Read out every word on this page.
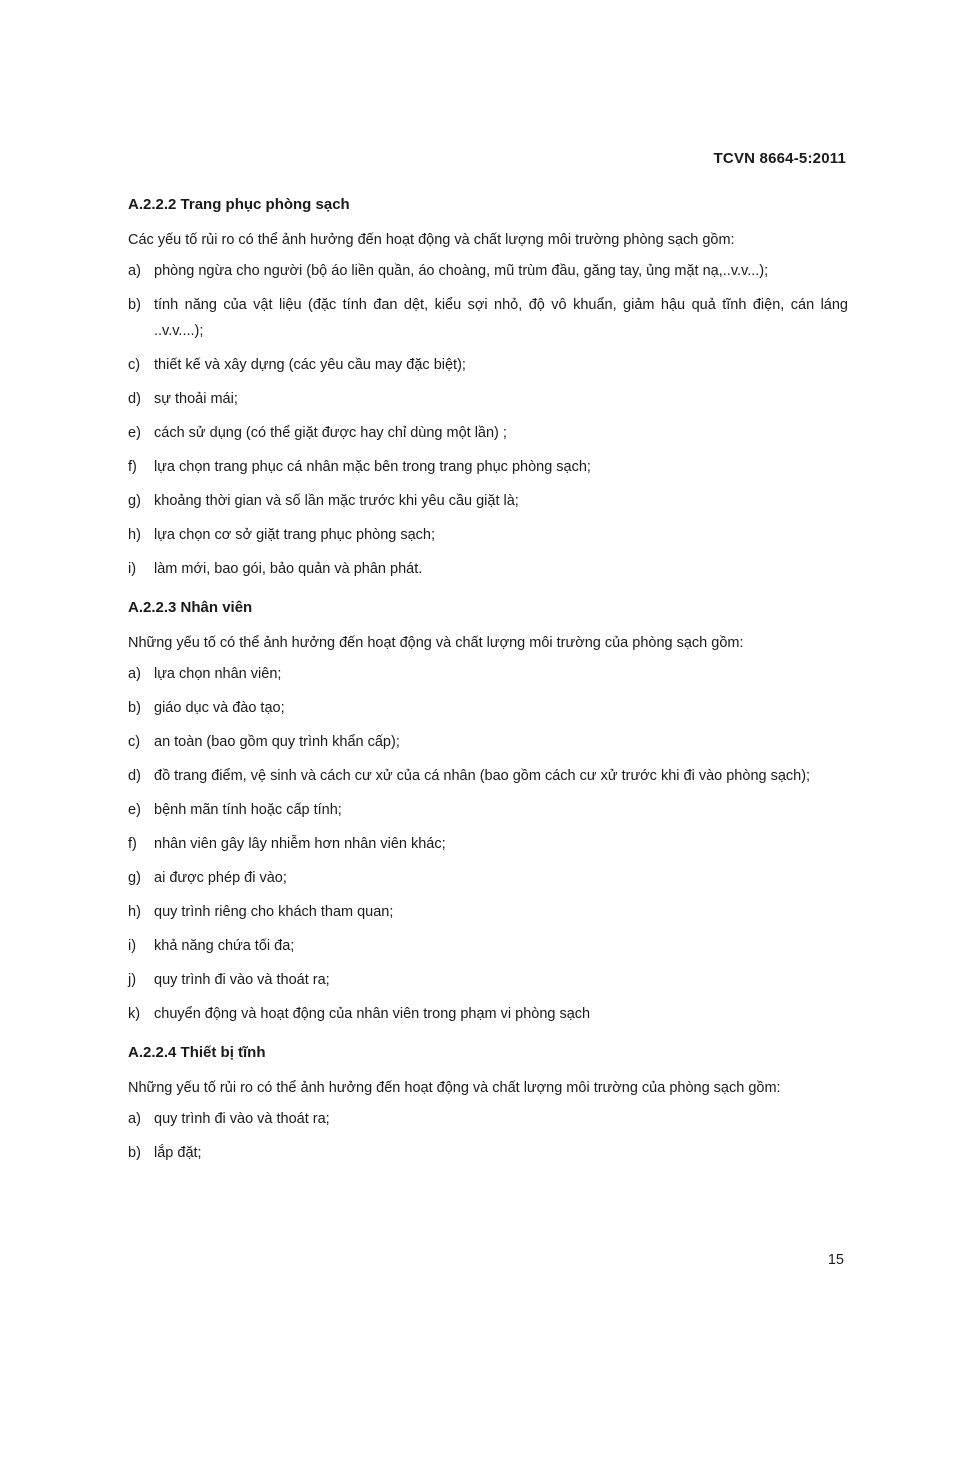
TCVN 8664-5:2011
A.2.2.2 Trang phục phòng sạch

Các yếu tố rủi ro có thể ảnh hưởng đến hoạt động và chất lượng môi trường phòng sạch gồm:

a) phòng ngừa cho người (bộ áo liền quần, áo choàng, mũ trùm đầu, găng tay, ủng mặt nạ,..v.v...);
b) tính năng của vật liệu (đặc tính đan dệt, kiểu sợi nhỏ, độ vô khuẩn, giảm hậu quả tĩnh điện, cán láng ..v.v....);
c) thiết kế và xây dựng (các yêu cầu may đặc biệt);
d) sự thoải mái;
e) cách sử dụng (có thể giặt được hay chỉ dùng một lần) ;
f)	lựa chọn trang phục cá nhân mặc bên trong trang phục phòng sạch;
g) khoảng thời gian và số lần mặc trước khi yêu cầu giặt là;
h) lựa chọn cơ sở giặt trang phục phòng sạch;
i)	làm mới, bao gói, bảo quản và phân phát.
A.2.2.3 Nhân viên

Những yếu tố có thể ảnh hưởng đến hoạt động và chất lượng môi trường của phòng sạch gồm:

a) lựa chọn nhân viên;
b) giáo dục và đào tạo;
c) an toàn (bao gồm quy trình khẩn cấp);
d) đồ trang điểm, vệ sinh và cách cư xử của cá nhân (bao gồm cách cư xử trước khi đi vào phòng sạch);
e) bệnh mãn tính hoặc cấp tính;
f)	nhân viên gây lây nhiễm hơn nhân viên khác;
g) ai được phép đi vào;
h) quy trình riêng cho khách tham quan;
i)	khả năng chứa tối đa;
j)	quy trình đi vào và thoát ra;
k) chuyển động và hoạt động của nhân viên trong phạm vi phòng sạch
A.2.2.4 Thiết bị tĩnh

Những yếu tố rủi ro có thể ảnh hưởng đến hoạt động và chất lượng môi trường của phòng sạch gồm:

a) quy trình đi vào và thoát ra;
b) lắp đặt;
15
